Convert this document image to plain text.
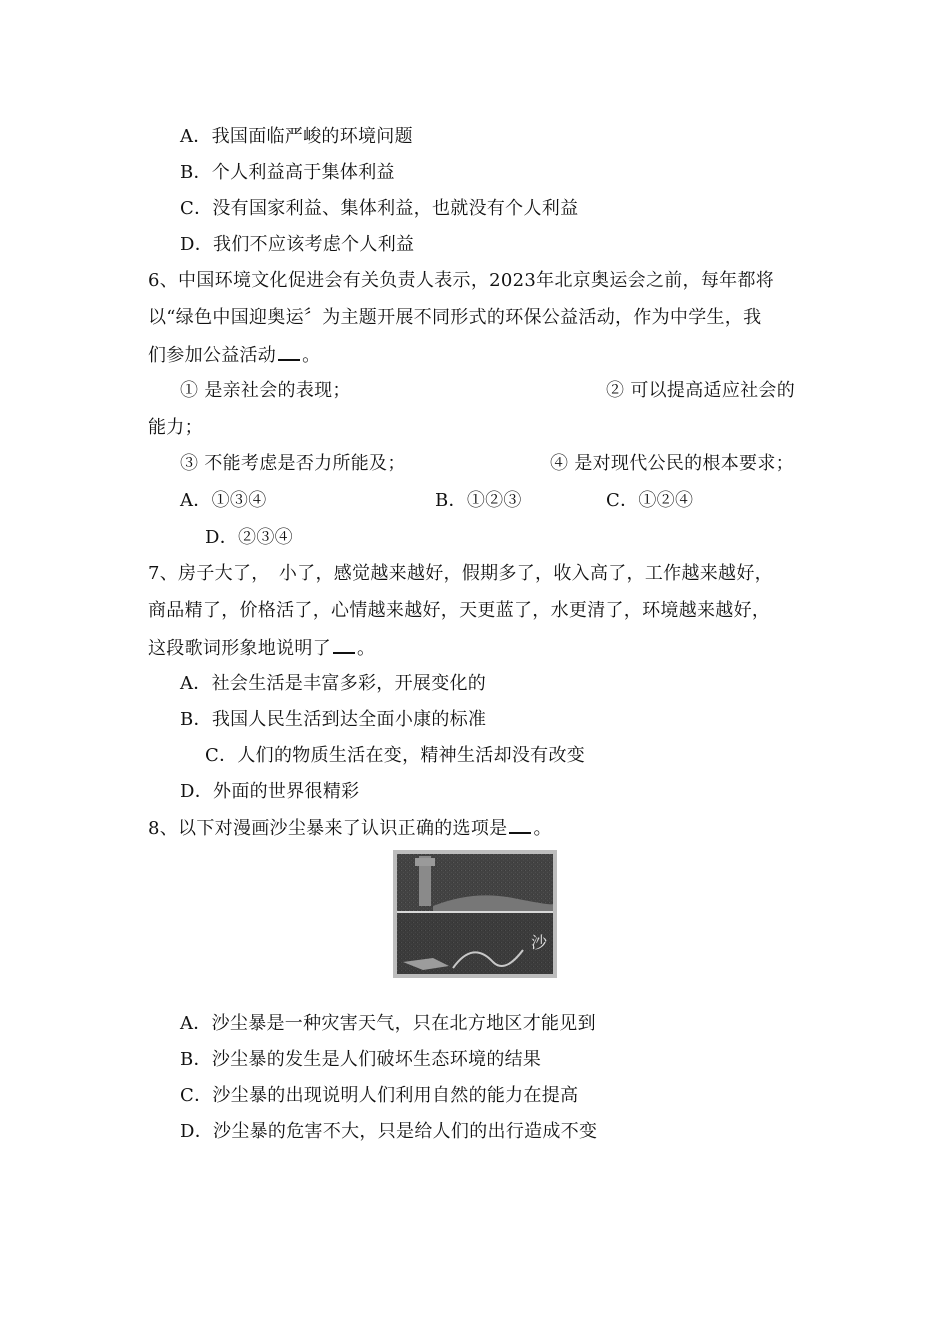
A．我国面临严峻的环境问题
B．个人利益高于集体利益
C．没有国家利益、集体利益，也就没有个人利益
D．我们不应该考虑个人利益
6、中国环境文化促进会有关负责人表示，2023年北京奥运会之前，每年都将
以“绿色中国迎奥运〞为主题开展不同形式的环保公益活动，作为中学生，我
们参加公益活动 。
① 是亲社会的表现；	② 可以提高适应社会的
能力；
③ 不能考虑是否力所能及；	④ 是对现代公民的根本要求；
A．①③④	B．①②③	C．①②④
D．②③④
7、房子大了，　小了，感觉越来越好，假期多了，收入高了，工作越来越好，
商品精了，价格活了，心情越来越好，天更蓝了，水更清了，环境越来越好，
这段歌词形象地说明了 。
A．社会生活是丰富多彩，开展变化的
B．我国人民生活到达全面小康的标准
C．人们的物质生活在变，精神生活却没有改变
D．外面的世界很精彩
8、以下对漫画沙尘暴来了认识正确的选项是 。
沙
A．沙尘暴是一种灾害天气，只在北方地区才能见到
B．沙尘暴的发生是人们破坏生态环境的结果
C．沙尘暴的出现说明人们利用自然的能力在提高
D．沙尘暴的危害不大，只是给人们的出行造成不变
